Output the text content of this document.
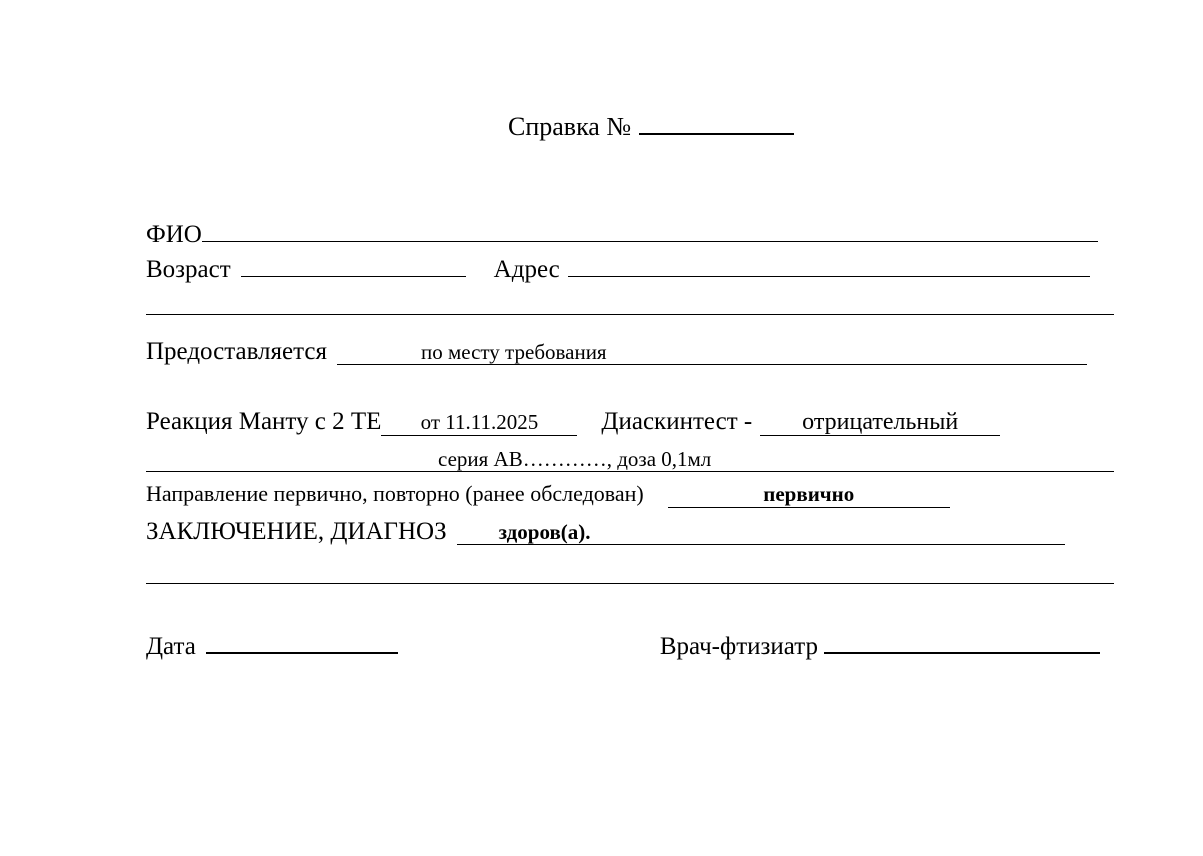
Справка №
ФИО
Возраст	Адрес
Предоставляется	по месту требования
Реакция Манту с 2 ТЕ	от 11.11.2025	Диаскинтест -	отрицательный
серия АВ…………, доза 0,1мл
Направление первично, повторно (ранее обследован)	первично
ЗАКЛЮЧЕНИЕ, ДИАГНОЗ	здоров(а).
Дата	Врач-фтизиатр
